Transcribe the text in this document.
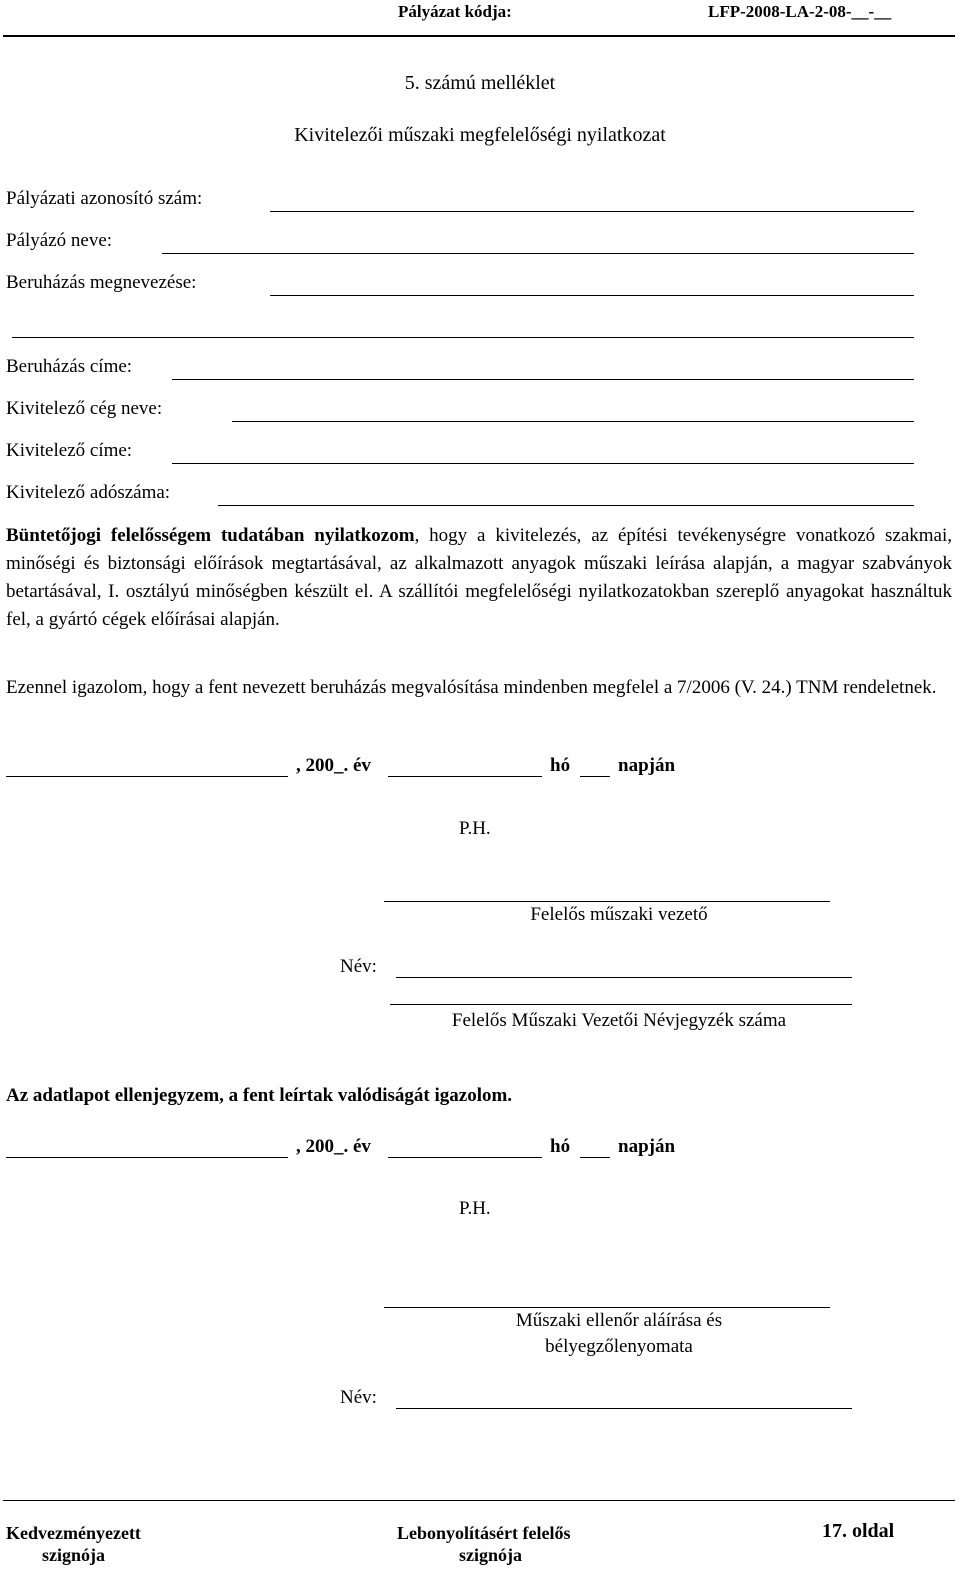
Pályázat kódja:	LFP-2008-LA-2-08-__-__
5. számú melléklet
Kivitelezői műszaki megfelelőségi nyilatkozat
Pályázati azonosító szám:
Pályázó neve:
Beruházás megnevezése:
Beruházás címe:
Kivitelező cég neve:
Kivitelező címe:
Kivitelező adószáma:
Büntetőjogi felelősségem tudatában nyilatkozom, hogy a kivitelezés, az építési tevékenységre vonatkozó szakmai, minőségi és biztonsági előírások megtartásával, az alkalmazott anyagok műszaki leírása alapján, a magyar szabványok betartásával, I. osztályú minőségben készült el. A szállítói megfelelőségi nyilatkozatokban szereplő anyagokat használtuk fel, a gyártó cégek előírásai alapján.
Ezennel igazolom, hogy a fent nevezett beruházás megvalósítása mindenben megfelel a 7/2006 (V. 24.) TNM rendeletnek.
, 200_. év	hó	napján
P.H.
Felelős műszaki vezető
Név:
Felelős Műszaki Vezetői Névjegyzék száma
Az adatlapot ellenjegyzem, a fent leírtak valódiságát igazolom.
, 200_. év	hó	napján
P.H.
Műszaki ellenőr aláírása és
bélyegzőlenyomata
Név:
Kedvezményezett
szignója
Lebonyolításért felelős
szignója
17. oldal
